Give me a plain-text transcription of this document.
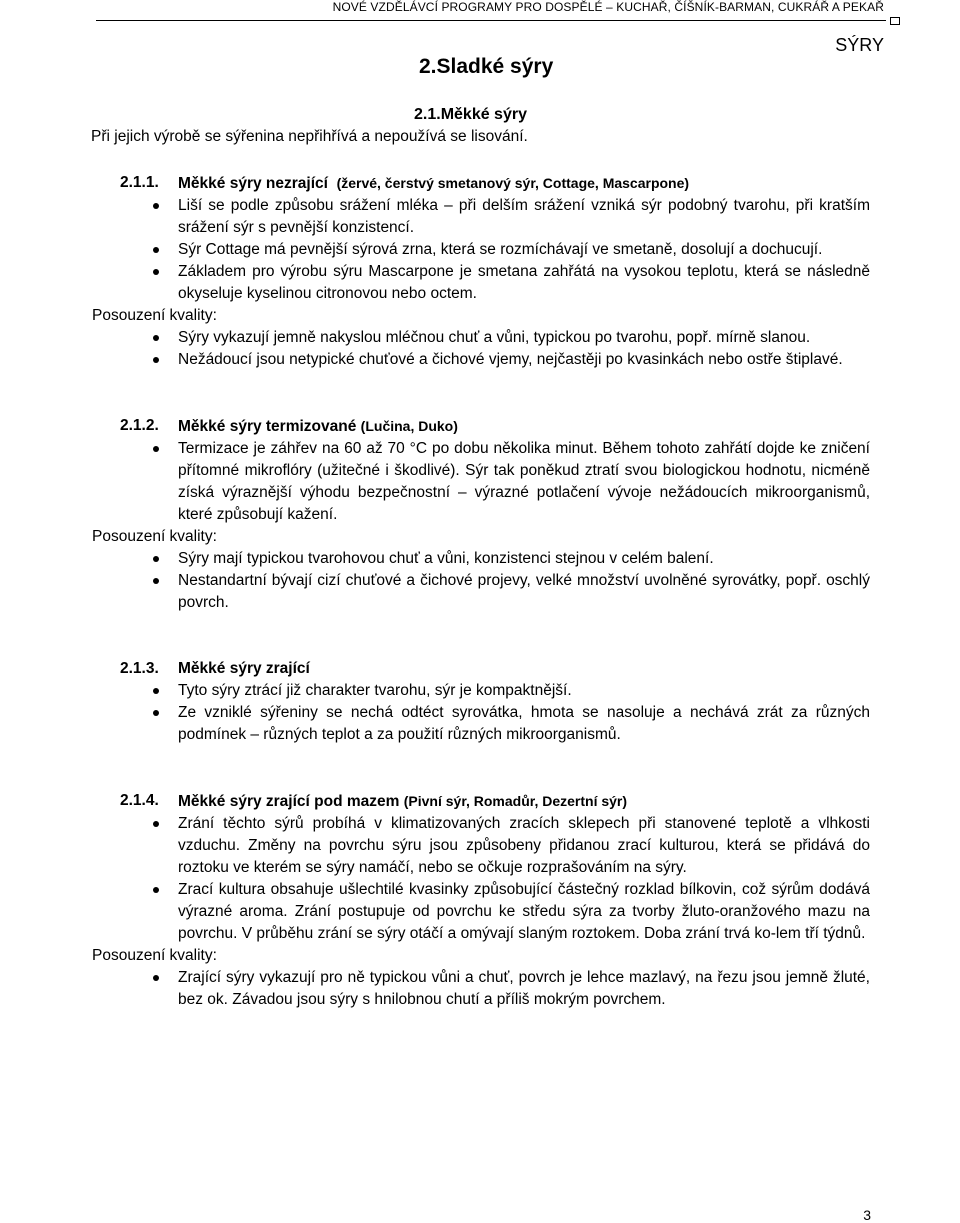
NOVÉ VZDĚLÁVCÍ PROGRAMY PRO DOSPĚLÉ – KUCHAŘ, ČÍŠNÍK-BARMAN, CUKRÁŘ A PEKAŘ
SÝRY
2.Sladké sýry
2.1.Měkké sýry
Při jejich výrobě se sýřenina nepřihřívá a nepoužívá se lisování.
2.1.1. Měkké sýry nezrající (žervé, čerstvý smetanový sýr, Cottage, Mascarpone)
Liší se podle způsobu srážení mléka – při delším srážení vzniká sýr podobný tvarohu, při kratším srážení sýr s pevnější konzistencí.
Sýr Cottage má pevnější sýrová zrna, která se rozmíchávají ve smetaně, dosolují a dochucují.
Základem pro výrobu sýru Mascarpone je smetana zahřátá na vysokou teplotu, která se následně okyseluje kyselinou citronovou nebo octem.
Posouzení kvality:
Sýry vykazují jemně nakyslou mléčnou chuť a vůni, typickou po tvarohu, popř. mírně slanou.
Nežádoucí jsou netypické chuťové a čichové vjemy, nejčastěji po kvasinkách nebo ostře štiplavé.
2.1.2. Měkké sýry termizované (Lučina, Duko)
Termizace je záhřev na 60 až 70 °C po dobu několika minut. Během tohoto zahřátí dojde ke zničení přítomné mikroflóry (užitečné i škodlivé). Sýr tak poněkud ztratí svou biologickou hodnotu, nicméně získá výraznější výhodu bezpečnostní – výrazné potlačení vývoje nežádoucích mikroorganismů, které způsobují kažení.
Posouzení kvality:
Sýry mají typickou tvarohovou chuť a vůni, konzistenci stejnou v celém balení.
Nestandartní bývají cizí chuťové a čichové projevy, velké množství uvolněné syrovátky, popř. oschlý povrch.
2.1.3. Měkké sýry zrající
Tyto sýry ztrácí již charakter tvarohu, sýr je kompaktnější.
Ze vzniklé sýřeniny se nechá odtéct syrovátka, hmota se nasoluje a nechává zrát za různých podmínek – různých teplot a za použití různých mikroorganismů.
2.1.4. Měkké sýry zrající pod mazem (Pivní sýr, Romadůr, Dezertní sýr)
Zrání těchto sýrů probíhá v klimatizovaných zracích sklepech při stanovené teplotě a vlhkosti vzduchu. Změny na povrchu sýru jsou způsobeny přidanou zrací kulturou, která se přidává do roztoku ve kterém se sýry namáčí, nebo se očkuje rozprašováním na sýry.
Zrací kultura obsahuje ušlechtilé kvasinky způsobující částečný rozklad bílkovin, což sýrům dodává výrazné aroma. Zrání postupuje od povrchu ke středu sýra za tvorby žluto-oranžového mazu na povrchu. V průběhu zrání se sýry otáčí a omývají slaným roztokem. Doba zrání trvá ko-lem tří týdnů.
Posouzení kvality:
Zrající sýry vykazují pro ně typickou vůni a chuť, povrch je lehce mazlavý, na řezu jsou jemně žluté, bez ok. Závadou jsou sýry s hnilobnou chutí a příliš mokrým povrchem.
3
